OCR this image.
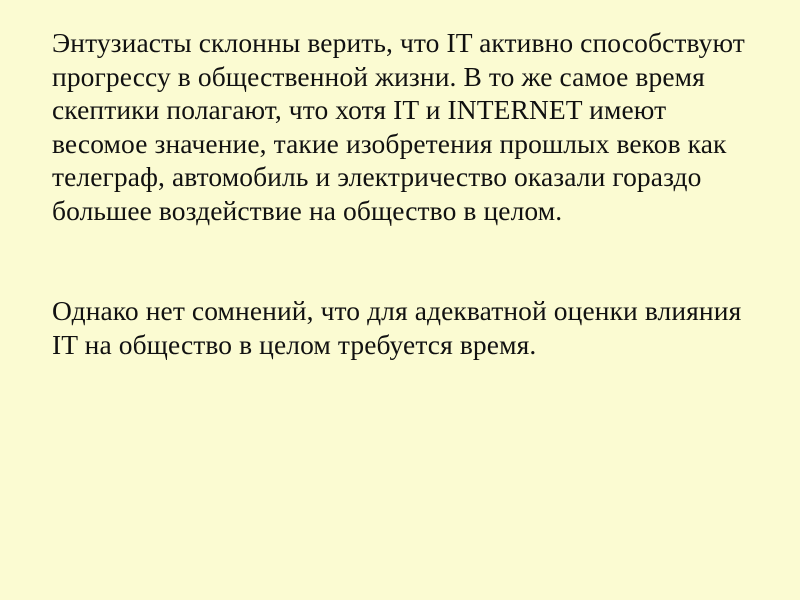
Энтузиасты склонны верить, что IT активно способствуют прогрессу в общественной жизни. В то же самое время скептики полагают, что хотя IT и INTERNET имеют весомое значение, такие изобретения прошлых веков как телеграф, автомобиль и электричество оказали гораздо большее воздействие на общество в целом.

Однако нет сомнений, что для адекватной оценки влияния IT на общество в целом требуется время.
